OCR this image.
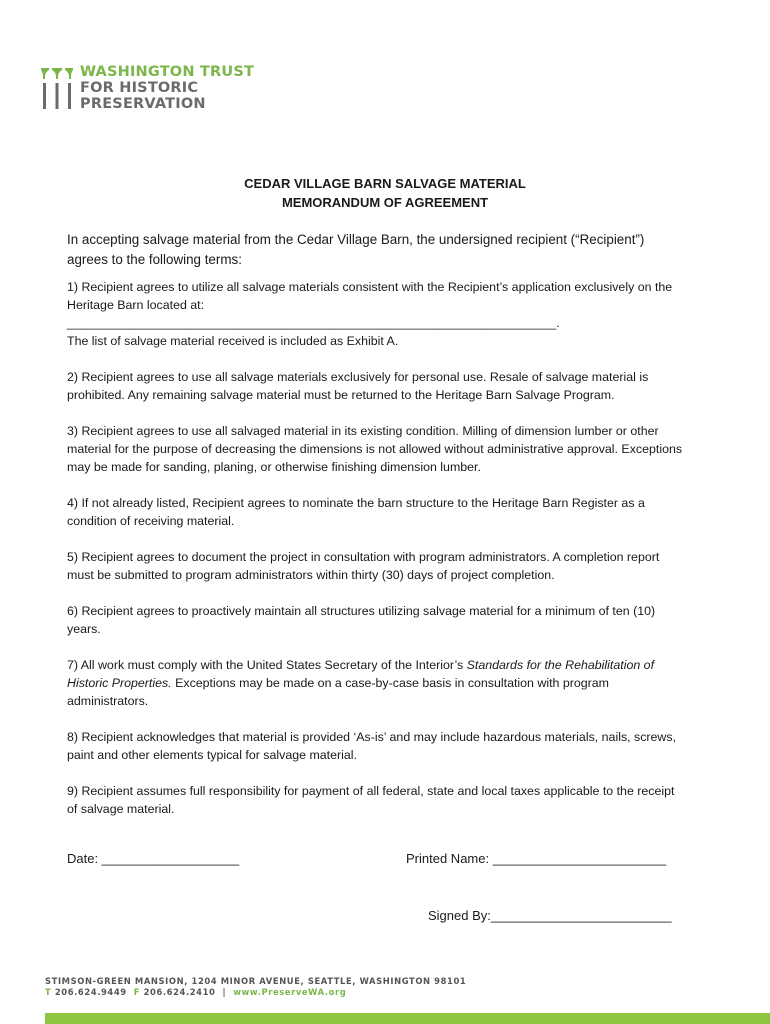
WASHINGTON TRUST
FOR HISTORIC
PRESERVATION
CEDAR VILLAGE BARN SALVAGE MATERIAL
MEMORANDUM OF AGREEMENT

In accepting salvage material from the Cedar Village Barn, the undersigned recipient (“Recipient”) agrees to the following terms:

1) Recipient agrees to utilize all salvage materials consistent with the Recipient’s application exclusively on the Heritage Barn located at:
_______________________________________________________________________.
The list of salvage material received is included as Exhibit A.
2) Recipient agrees to use all salvage materials exclusively for personal use. Resale of salvage material is prohibited. Any remaining salvage material must be returned to the Heritage Barn Salvage Program.
3) Recipient agrees to use all salvaged material in its existing condition. Milling of dimension lumber or other material for the purpose of decreasing the dimensions is not allowed without administrative approval. Exceptions may be made for sanding, planing, or otherwise finishing dimension lumber.
4) If not already listed, Recipient agrees to nominate the barn structure to the Heritage Barn Register as a condition of receiving material.
5) Recipient agrees to document the project in consultation with program administrators. A completion report must be submitted to program administrators within thirty (30) days of project completion.
6) Recipient agrees to proactively maintain all structures utilizing salvage material for a minimum of ten (10) years.
7) All work must comply with the United States Secretary of the Interior’s Standards for the Rehabilitation of Historic Properties. Exceptions may be made on a case-by-case basis in consultation with program administrators.
8) Recipient acknowledges that material is provided ‘As-is’ and may include hazardous materials, nails, screws, paint and other elements typical for salvage material.
9) Recipient assumes full responsibility for payment of all federal, state and local taxes applicable to the receipt of salvage material.
Date: ___________________	Printed Name: ________________________
Signed By:_________________________
STIMSON-GREEN MANSION, 1204 MINOR AVENUE, SEATTLE, WASHINGTON 98101
T 206.624.9449 F 206.624.2410 | www.PreserveWA.org
